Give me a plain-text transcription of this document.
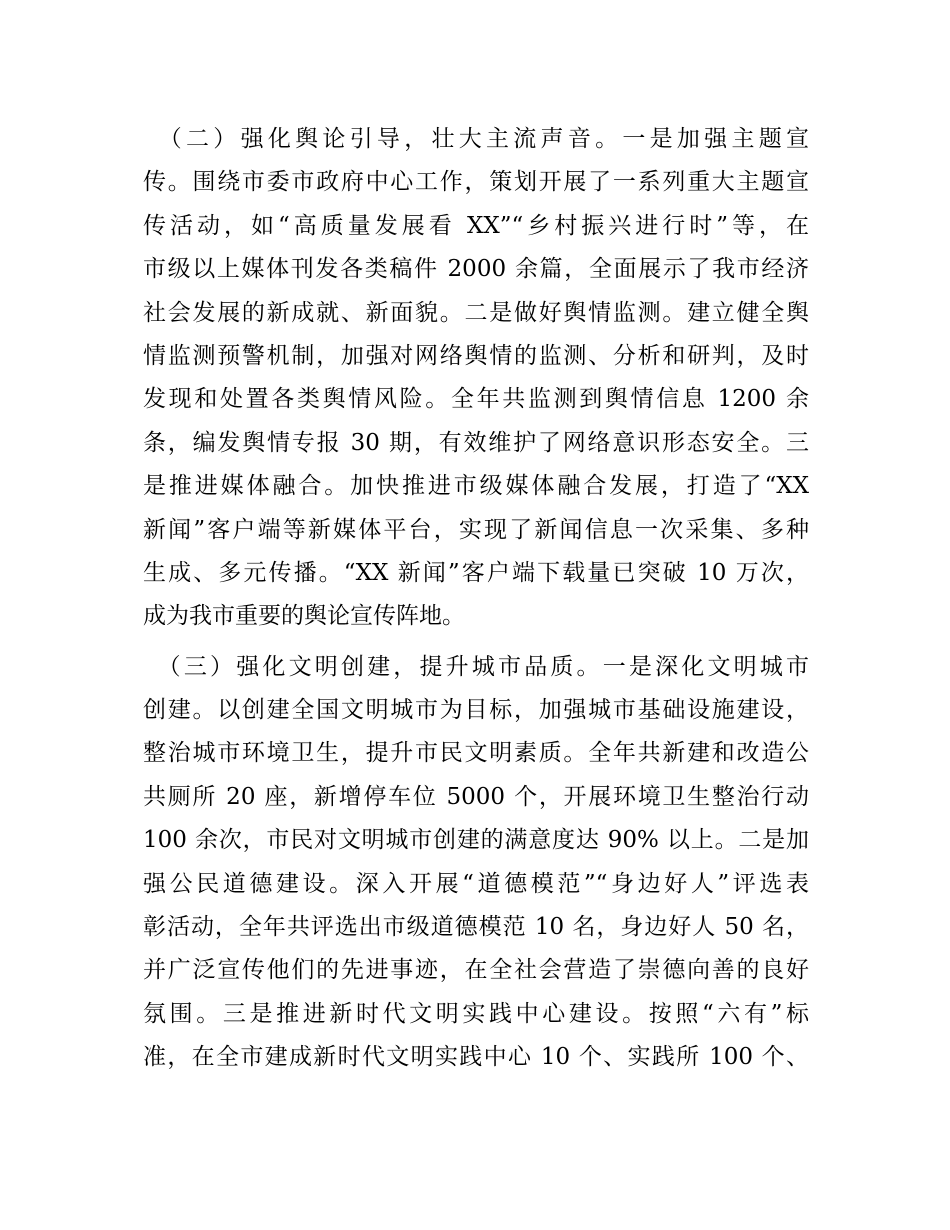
　（二）强化舆论引导，壮大主流声音。一是加强主题宣
传。围绕市委市政府中心工作，策划开展了一系列重大主题宣
传活动，如“高质量发展看 XX”“乡村振兴进行时”等，在
市级以上媒体刊发各类稿件 2000 余篇，全面展示了我市经济
社会发展的新成就、新面貌。二是做好舆情监测。建立健全舆
情监测预警机制，加强对网络舆情的监测、分析和研判，及时
发现和处置各类舆情风险。全年共监测到舆情信息 1200 余
条，编发舆情专报 30 期，有效维护了网络意识形态安全。三
是推进媒体融合。加快推进市级媒体融合发展，打造了“XX
新闻”客户端等新媒体平台，实现了新闻信息一次采集、多种
生成、多元传播。“XX 新闻”客户端下载量已突破 10 万次，
成为我市重要的舆论宣传阵地。
　（三）强化文明创建，提升城市品质。一是深化文明城市
创建。以创建全国文明城市为目标，加强城市基础设施建设，
整治城市环境卫生，提升市民文明素质。全年共新建和改造公
共厕所 20 座，新增停车位 5000 个，开展环境卫生整治行动
100 余次，市民对文明城市创建的满意度达 90% 以上。二是加
强公民道德建设。深入开展“道德模范”“身边好人”评选表
彰活动，全年共评选出市级道德模范 10 名，身边好人 50 名，
并广泛宣传他们的先进事迹，在全社会营造了崇德向善的良好
氛围。三是推进新时代文明实践中心建设。按照“六有”标
准，在全市建成新时代文明实践中心 10 个、实践所 100 个、
